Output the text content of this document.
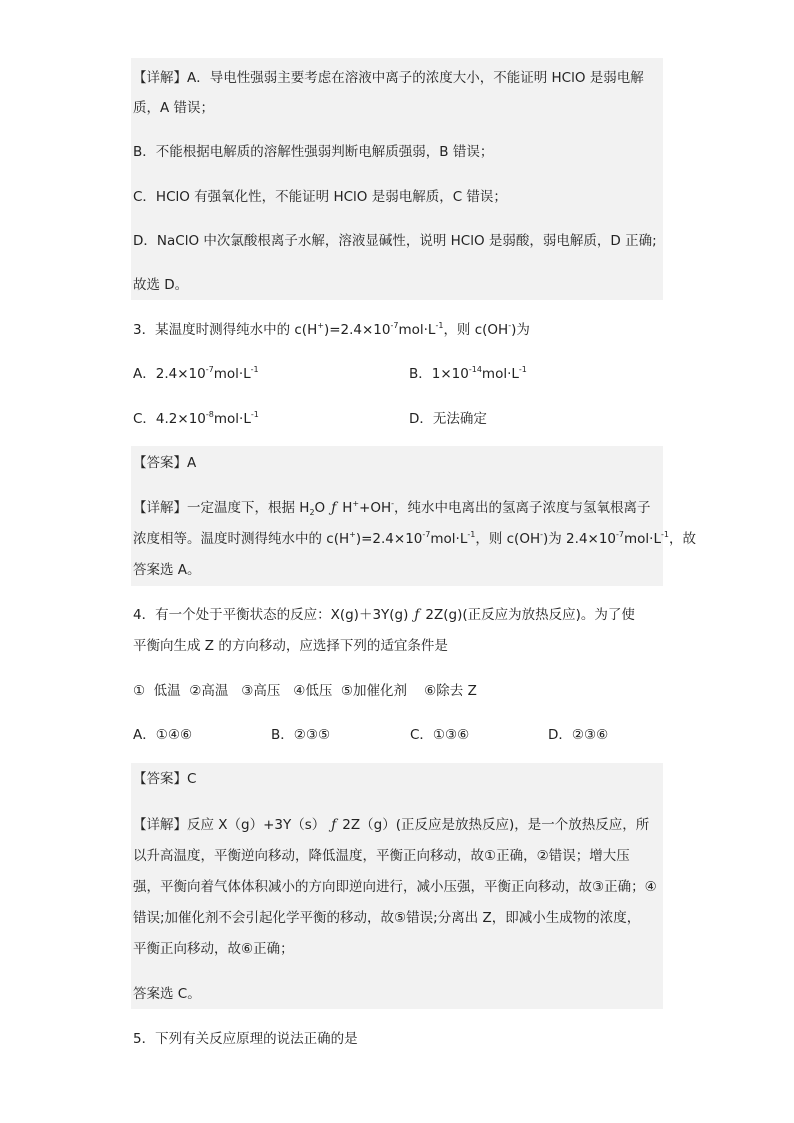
【详解】A．导电性强弱主要考虑在溶液中离子的浓度大小，不能证明 HClO 是弱电解
质，A 错误；
B．不能根据电解质的溶解性强弱判断电解质强弱，B 错误；
C．HClO 有强氧化性，不能证明 HClO 是弱电解质，C 错误；
D．NaClO 中次氯酸根离子水解，溶液显碱性，说明 HClO 是弱酸，弱电解质，D 正确;
故选 D。
3．某温度时测得纯水中的 $c(H^+)=2.4\times 10^{-7}mol\cdot L^{-1}$，则 c(OH-)为
A．$2.4\times 10^{-7}mol\cdot L^{-1}$	B．$1\times 10^{-14}mol\cdot L^{-1}$
C．$4.2\times 10^{-8}mol\cdot L^{-1}$	D．无法确定
【答案】A
【详解】一定温度下，根据 $H_2O$ ƒ H++OH-，纯水中电离出的氢离子浓度与氢氧根离子
浓度相等。温度时测得纯水中的 $c(H^+)=2.4\times 10^{-7}mol\cdot L^{-1}$，则 c(OH-)为 $2.4\times 10^{-7}mol\cdot L^{-1}$，故
答案选 A。
4．有一个处于平衡状态的反应：X(g)＋3Y(g) ƒ 2Z(g)(正反应为放热反应)。为了使
平衡向生成 Z 的方向移动，应选择下列的适宜条件是
①  低温  ②高温   ③高压   ④低压  ⑤加催化剂    ⑥除去 Z
A．①④⑥	B．②③⑤	C．①③⑥	D．②③⑥
【答案】C
【详解】反应 X（g）+3Y（s） ƒ 2Z（g）(正反应是放热反应)，是一个放热反应，所
以升高温度，平衡逆向移动，降低温度，平衡正向移动，故①正确，②错误；增大压
强，平衡向着气体体积减小的方向即逆向进行，减小压强，平衡正向移动，故③正确；④
错误;加催化剂不会引起化学平衡的移动，故⑤错误;分离出 Z，即减小生成物的浓度，
平衡正向移动，故⑥正确；
答案选 C。
5．下列有关反应原理的说法正确的是
